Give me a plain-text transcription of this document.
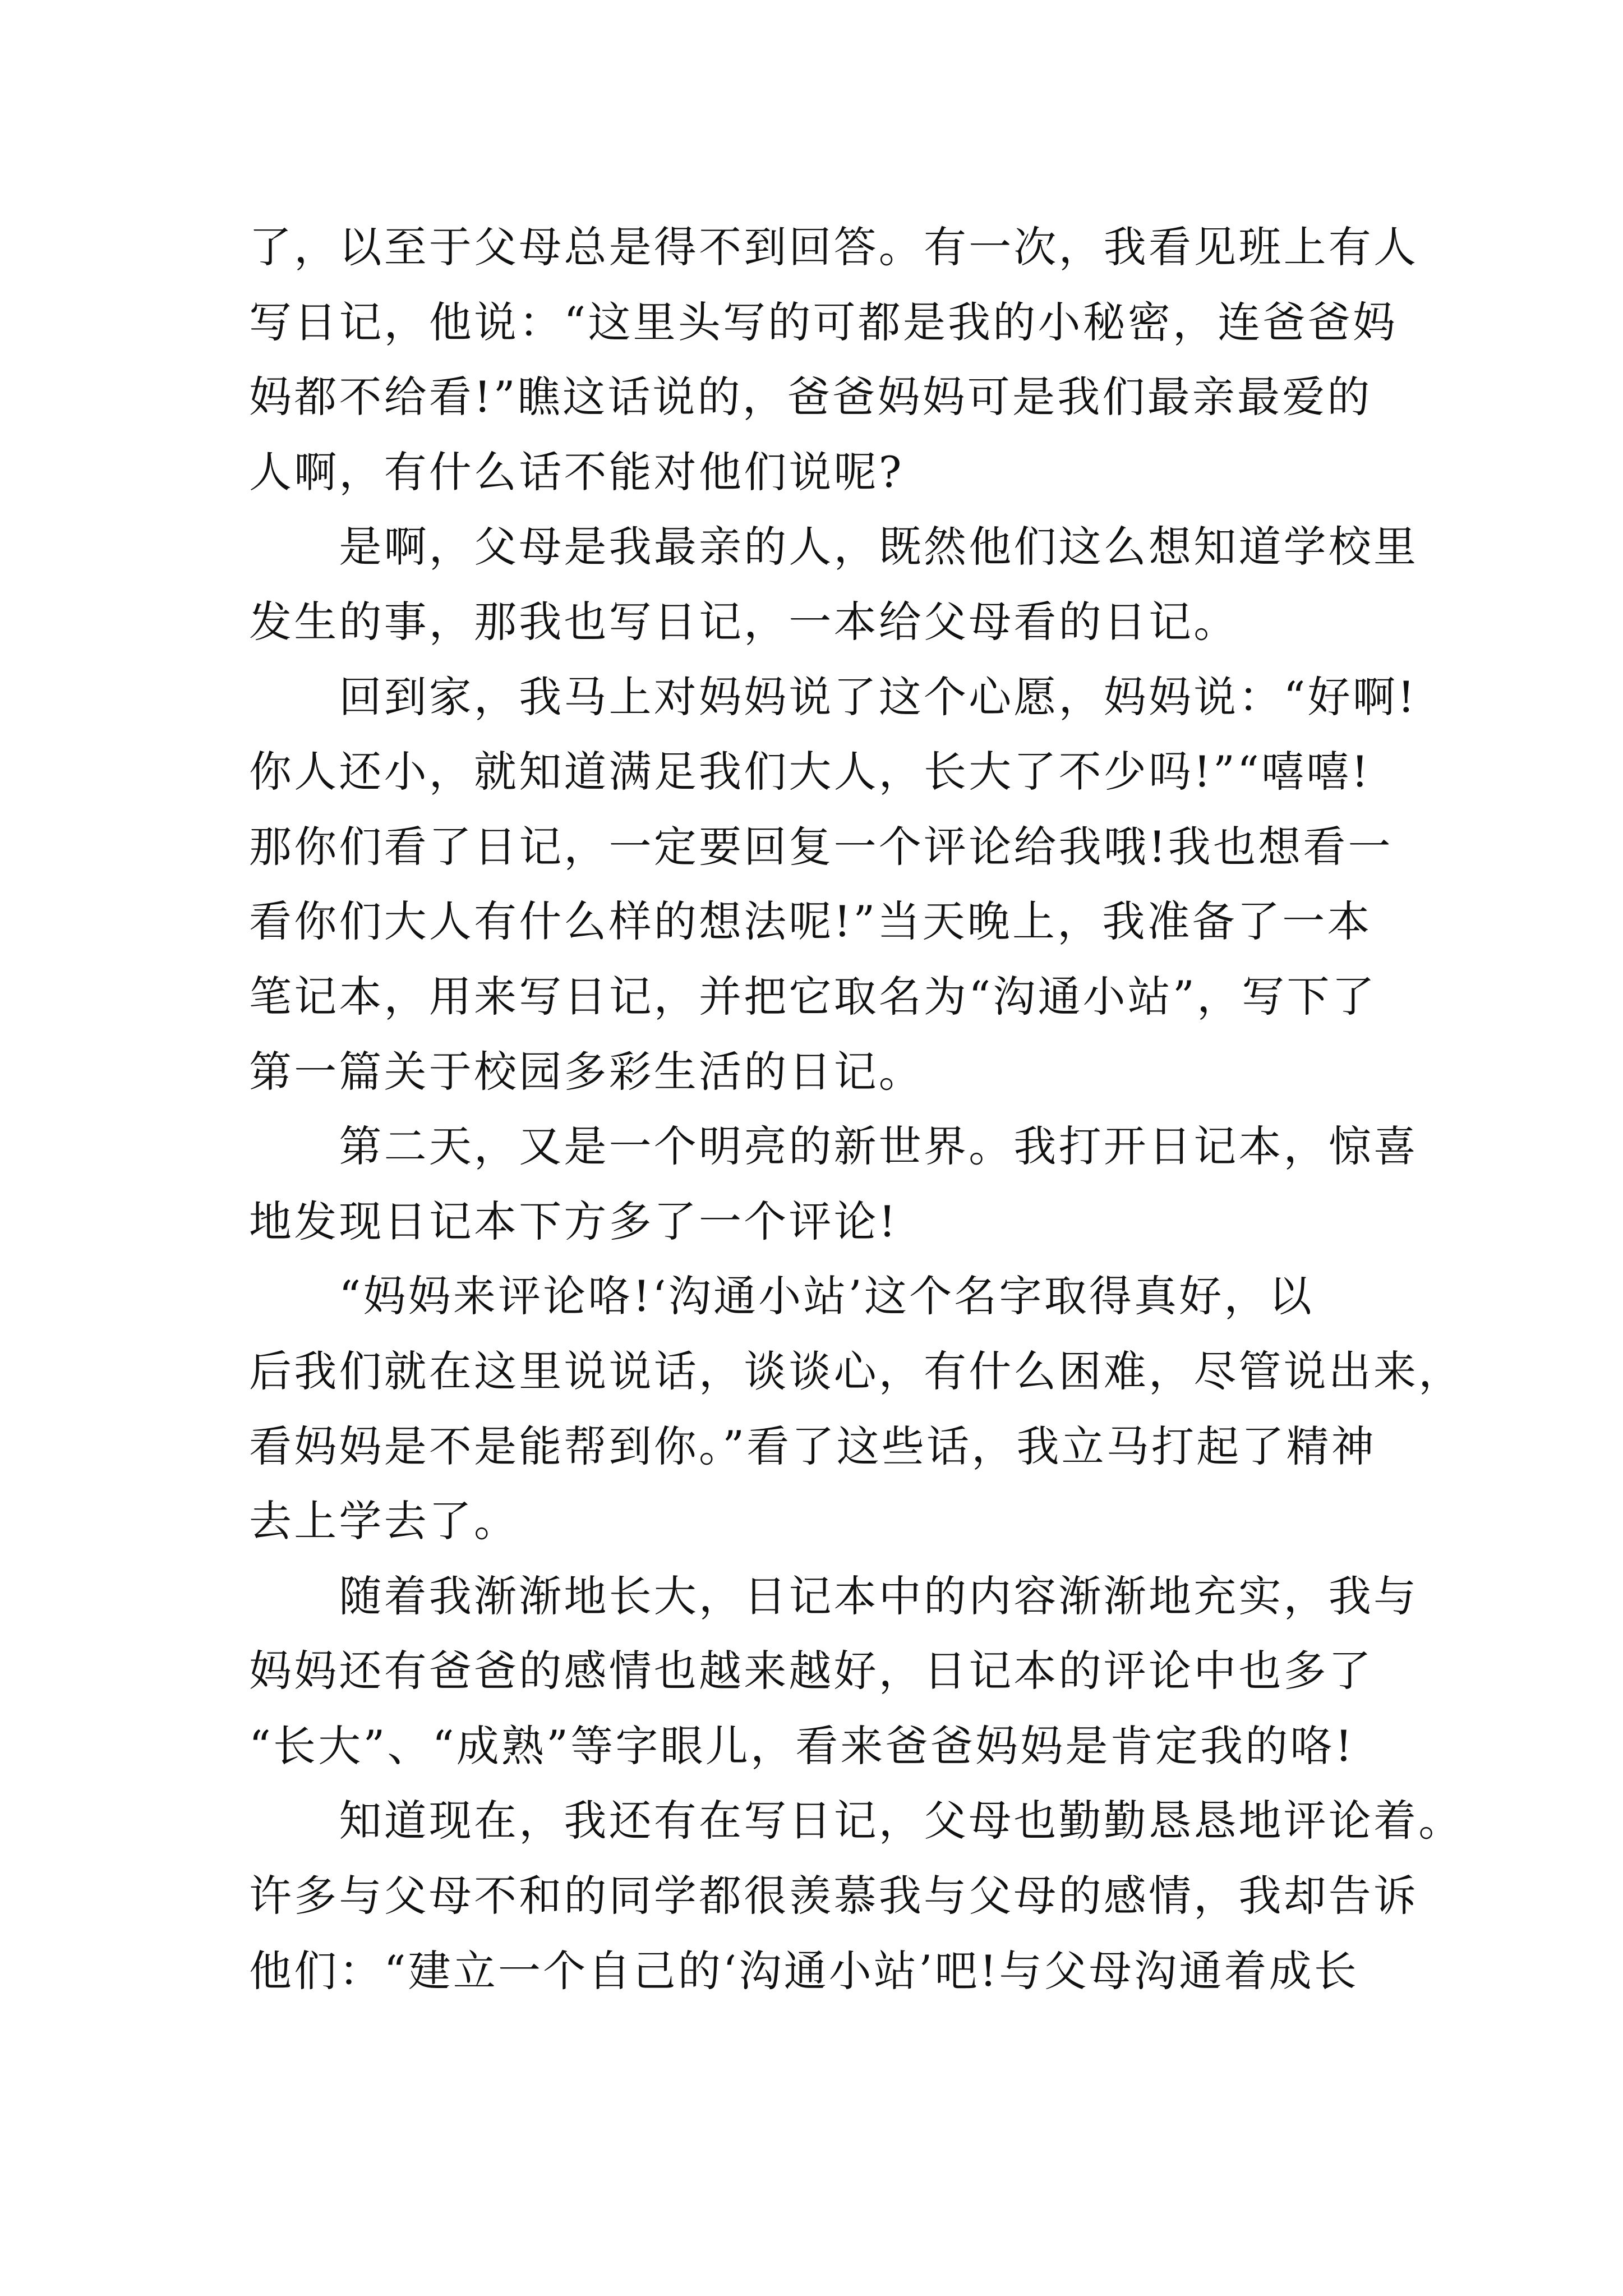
了，以至于父母总是得不到回答。有一次，我看见班上有人
写日记，他说：“这里头写的可都是我的小秘密，连爸爸妈
妈都不给看!”瞧这话说的，爸爸妈妈可是我们最亲最爱的
人啊，有什么话不能对他们说呢?
　　是啊，父母是我最亲的人，既然他们这么想知道学校里
发生的事，那我也写日记，一本给父母看的日记。
　　回到家，我马上对妈妈说了这个心愿，妈妈说：“好啊!
你人还小，就知道满足我们大人，长大了不少吗!”“嘻嘻!
那你们看了日记，一定要回复一个评论给我哦!我也想看一
看你们大人有什么样的想法呢!”当天晚上，我准备了一本
笔记本，用来写日记，并把它取名为“沟通小站”，写下了
第一篇关于校园多彩生活的日记。
　　第二天，又是一个明亮的新世界。我打开日记本，惊喜
地发现日记本下方多了一个评论!
　　“妈妈来评论咯!‘沟通小站’这个名字取得真好，以
后我们就在这里说说话，谈谈心，有什么困难，尽管说出来，
看妈妈是不是能帮到你。”看了这些话，我立马打起了精神
去上学去了。
　　随着我渐渐地长大，日记本中的内容渐渐地充实，我与
妈妈还有爸爸的感情也越来越好，日记本的评论中也多了
“长大”、“成熟”等字眼儿，看来爸爸妈妈是肯定我的咯!
　　知道现在，我还有在写日记，父母也勤勤恳恳地评论着。
许多与父母不和的同学都很羡慕我与父母的感情，我却告诉
他们：“建立一个自己的‘沟通小站’吧!与父母沟通着成长
